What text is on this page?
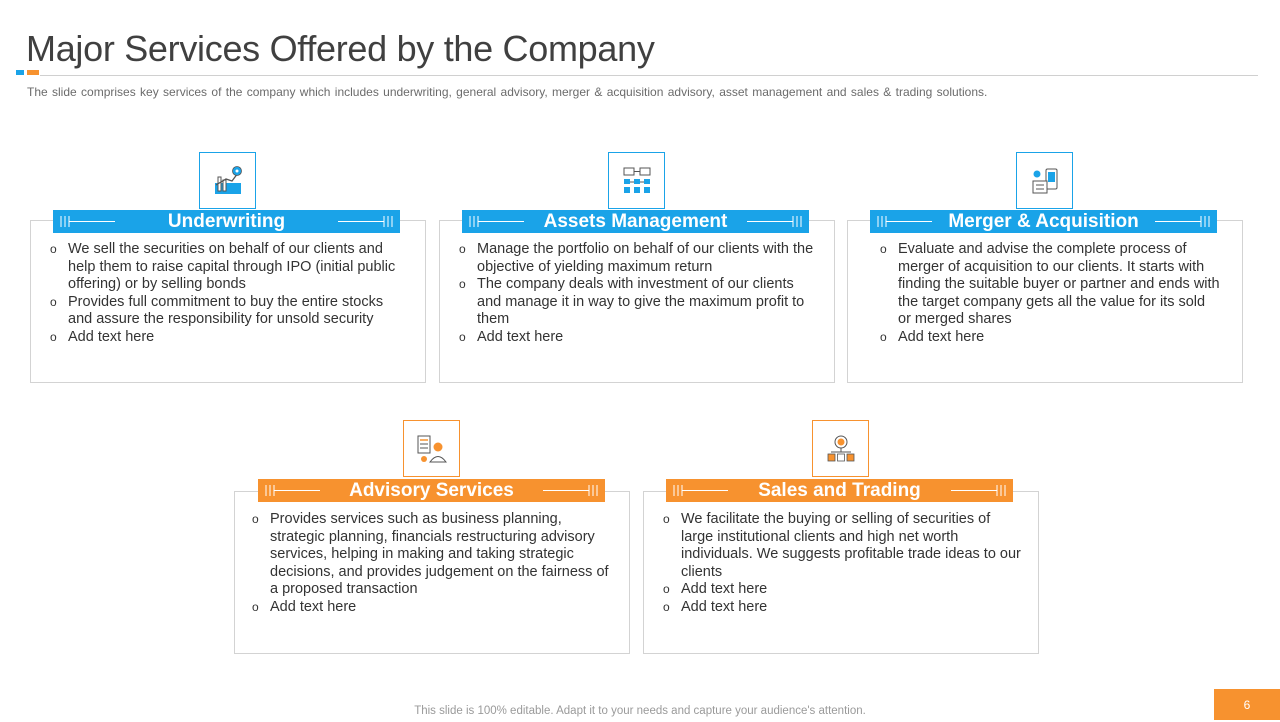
Major Services Offered by the Company

The slide comprises key services of the company which includes underwriting, general advisory, merger & acquisition advisory, asset management and sales & trading solutions.

o We sell the securities on behalf of our clients and help them to raise capital through IPO (initial public offering) or by selling bonds
o Provides full commitment to buy the entire stocks and assure the responsibility for unsold security
o Add text here
Underwriting
o Manage the portfolio on behalf of our clients with the objective of yielding maximum return
o The company deals with investment of our clients and manage it in way to give the maximum profit to them
o Add text here
Assets Management
o Evaluate and advise the complete process of merger of acquisition to our clients. It starts with finding the suitable buyer or partner and ends with the target company gets all the value for its sold or merged shares
o Add text here
Merger & Acquisition
o Provides services such as business planning, strategic planning, financials restructuring advisory services, helping in making and taking strategic decisions, and provides judgement on the fairness of a proposed transaction
o Add text here
Advisory Services
o We facilitate the buying or selling of securities of large institutional clients and high net worth individuals. We suggests profitable trade ideas to our clients
o Add text here
o Add text here
Sales and Trading
This slide is 100% editable. Adapt it to your needs and capture your audience's attention.	6
